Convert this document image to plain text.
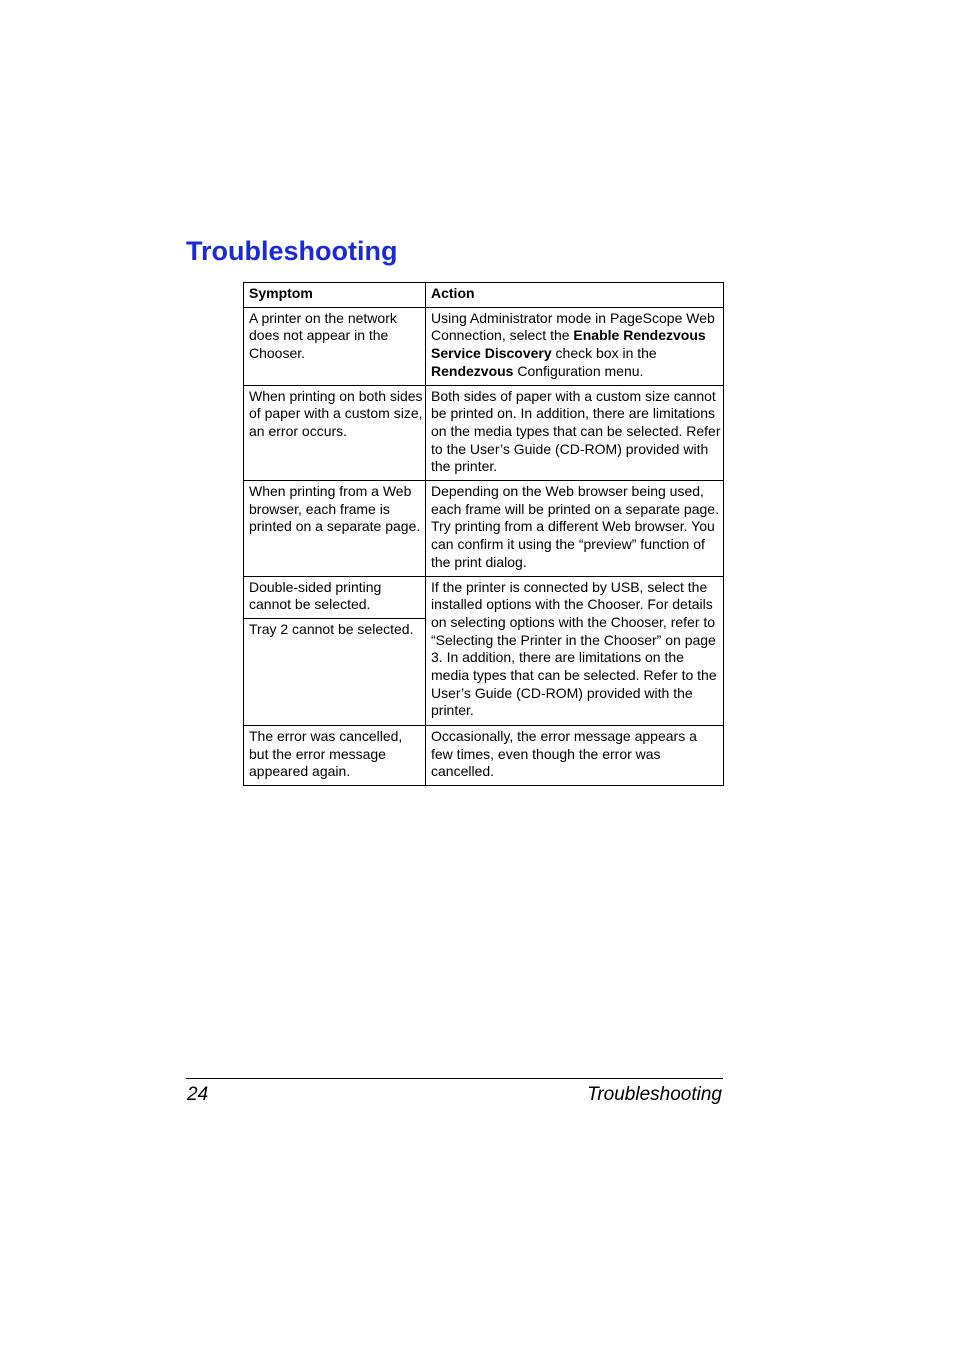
Troubleshooting
Symptom	Action
A printer on the network does not appear in the Chooser.	Using Administrator mode in PageScope Web Connection, select the Enable Rendezvous Service Discovery check box in the Rendezvous Configuration menu.
When printing on both sides of paper with a custom size, an error occurs.	Both sides of paper with a custom size cannot be printed on. In addition, there are limitations on the media types that can be selected. Refer to the User’s Guide (CD-ROM) provided with the printer.
When printing from a Web browser, each frame is printed on a separate page.	Depending on the Web browser being used, each frame will be printed on a separate page. Try printing from a different Web browser. You can confirm it using the “preview” function of the print dialog.
Double-sided printing cannot be selected.	If the printer is connected by USB, select the installed options with the Chooser. For details on selecting options with the Chooser, refer to “Selecting the Printer in the Chooser” on page 3. In addition, there are limitations on the media types that can be selected. Refer to the User’s Guide (CD-ROM) provided with the printer.
Tray 2 cannot be selected.	
The error was cancelled, but the error message appeared again.	Occasionally, the error message appears a few times, even though the error was cancelled.
24	Troubleshooting
